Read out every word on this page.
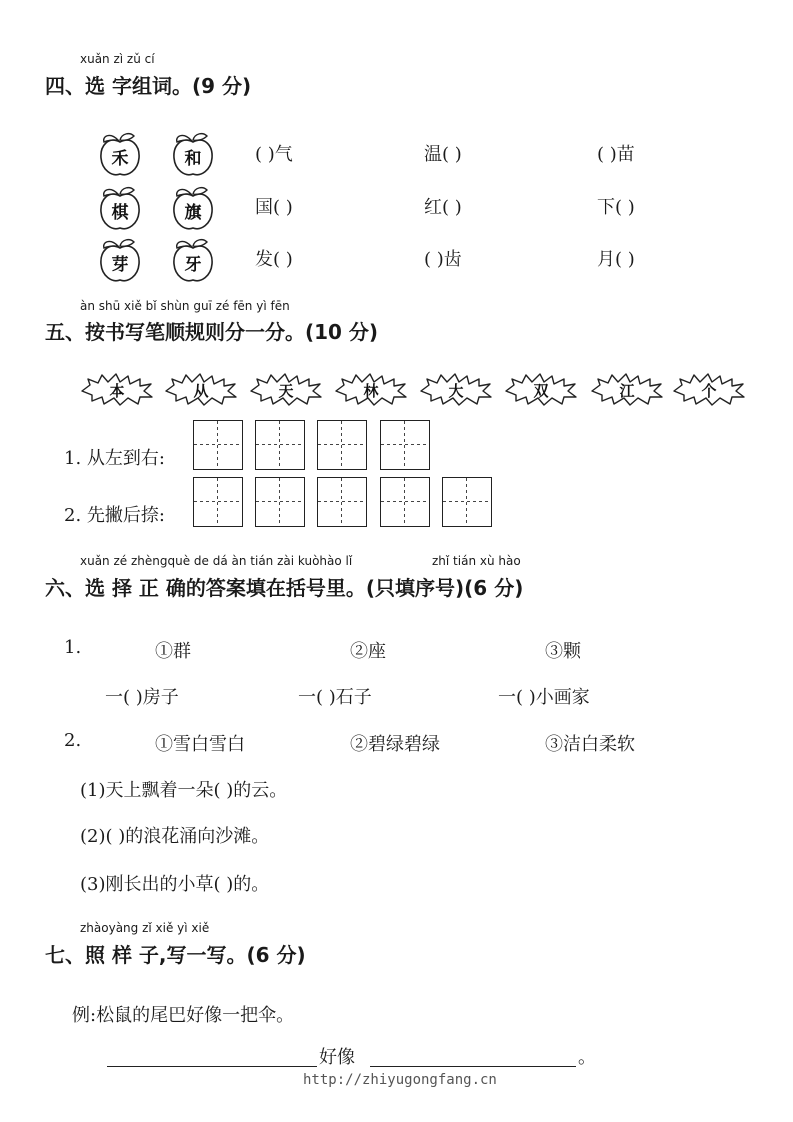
xuǎn zì zǔ cí
四、选 字组词。(9 分)
禾	和
棋	旗
芽	牙
( )气	温( )	( )苗
国( )	红( )	下( )
发( )	( )齿	月( )
àn shū xiě bǐ shùn guī zé fēn yì fēn
五、按书写笔顺规则分一分。(10 分)
本	从	天	林	大	双	江	个
1. 从左到右:
2. 先撇后捺:
xuǎn zé zhèngquè de dá àn tián zài kuòhào lǐ	zhǐ tián xù hào
六、选 择 正 确的答案填在括号里。(只填序号)(6 分)
1.	①群	②座	③颗
一( )房子	一( )石子	一( )小画家
2.	①雪白雪白	②碧绿碧绿	③洁白柔软
(1)天上飘着一朵( )的云。
(2)( )的浪花涌向沙滩。
(3)刚长出的小草( )的。
zhàoyàng zǐ xiě yì xiě
七、照 样 子,写一写。(6 分)
例:松鼠的尾巴好像一把伞。
好像	。
http://zhiyugongfang.cn
